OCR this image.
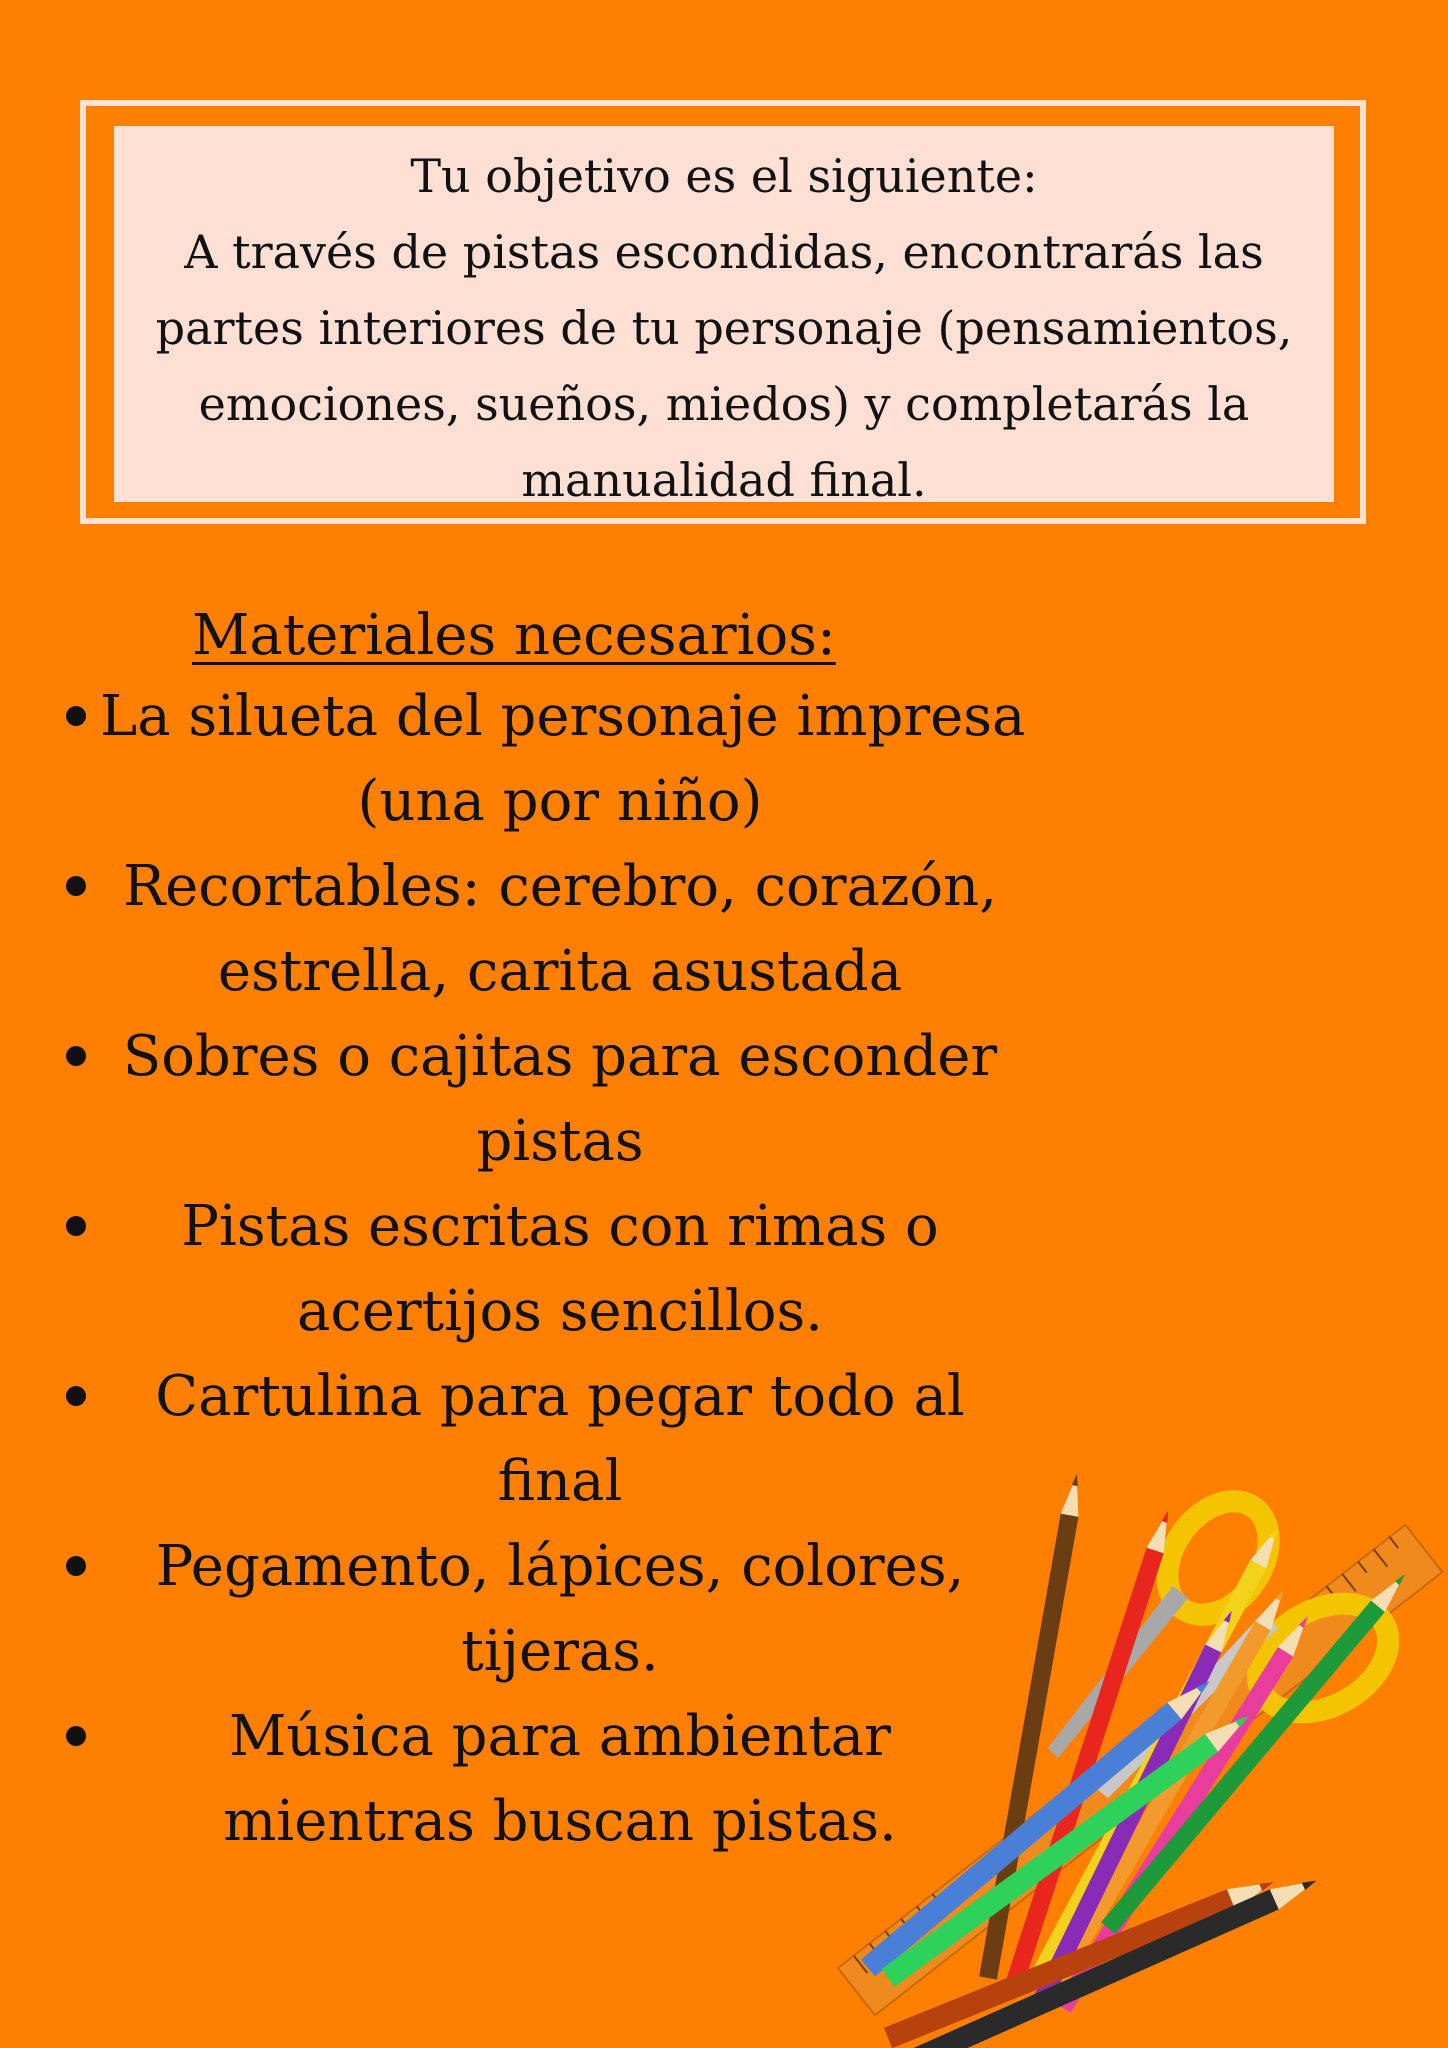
Tu objetivo es el siguiente:

A través de pistas escondidas, encontrarás las

partes interiores de tu personaje (pensamientos,

emociones, sueños, miedos) y completarás la

manualidad final.

Materiales necesarios:

La silueta del personaje impresa
(una por niño)

Recortables: cerebro, corazón,
estrella, carita asustada

Sobres o cajitas para esconder
pistas

Pistas escritas con rimas o
acertijos sencillos.

Cartulina para pegar todo al
final

Pegamento, lápices, colores,
tijeras.

Música para ambientar
mientras buscan pistas.
